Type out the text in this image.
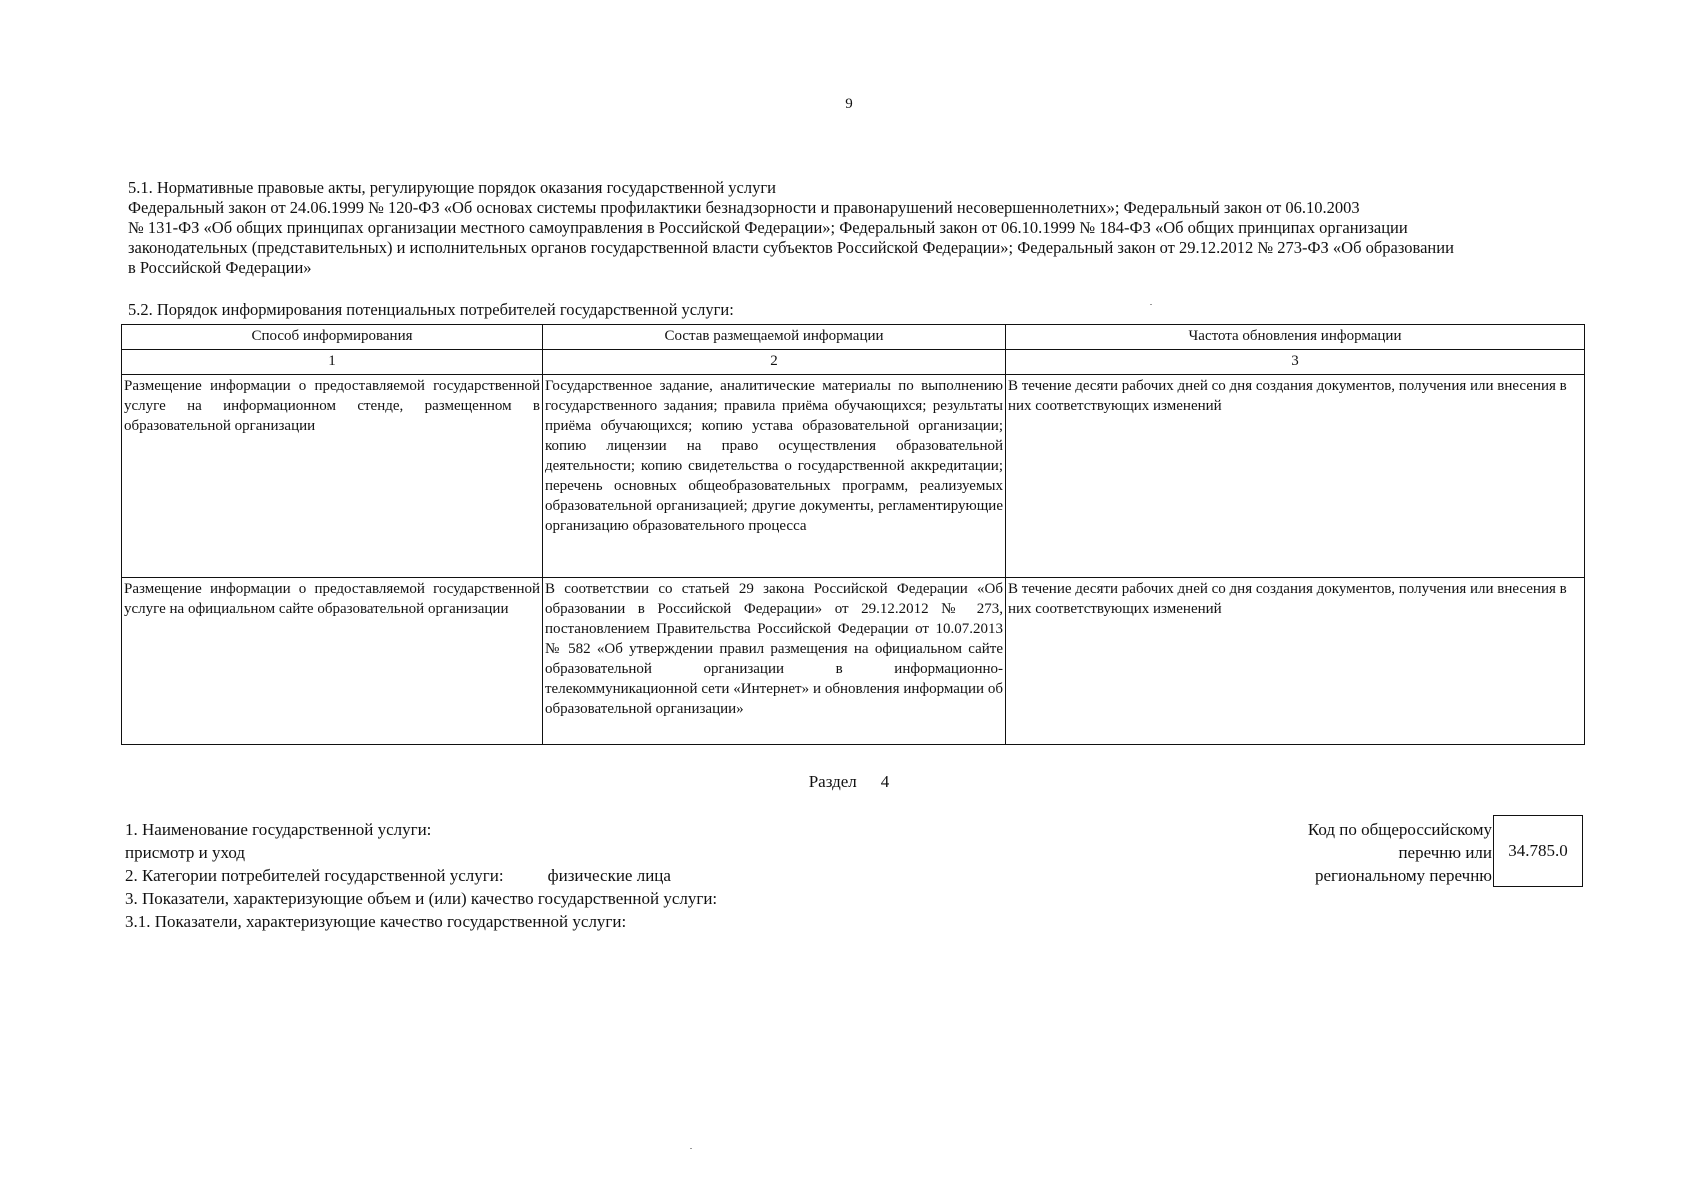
9

5.1. Нормативные правовые акты, регулирующие порядок оказания государственной услуги

Федеральный закон от 24.06.1999 № 120-ФЗ «Об основах системы профилактики безнадзорности и правонарушений несовершеннолетних»; Федеральный закон от 06.10.2003

№ 131-ФЗ «Об общих принципах организации местного самоуправления в Российской Федерации»; Федеральный закон от 06.10.1999 № 184-ФЗ «Об общих принципах организации

законодательных (представительных) и исполнительных органов государственной власти субъектов Российской Федерации»; Федеральный закон от 29.12.2012 № 273-ФЗ «Об образовании

в Российской Федерации»

5.2. Порядок информирования потенциальных потребителей государственной услуги:
Способ информирования	Состав размещаемой информации	Частота обновления информации
1	2	3
Размещение информации о предоставляемой государственной услуге на информационном стенде, размещенном в образовательной организации	Государственное задание, аналитические материалы по выполнению государственного задания; правила приёма обучающихся; результаты приёма обучающихся; копию устава образовательной организации; копию лицензии на право осуществления образовательной деятельности; копию свидетельства о государственной аккредитации; перечень основных общеобразовательных программ, реализуемых образовательной организацией; другие документы, регламентирующие организацию образовательного процесса	В течение десяти рабочих дней со дня создания документов, получения или внесения в них соответствующих изменений
Размещение информации о предоставляемой государственной услуге на официальном сайте образовательной организации	В соответствии со статьей 29 закона Российской Федерации «Об образовании в Российской Федерации» от 29.12.2012 № 273, постановлением Правительства Российской Федерации от 10.07.2013 № 582 «Об утверждении правил размещения на официальном сайте образовательной организации в информационно-телекоммуникационной сети «Интернет» и обновления информации об образовательной организации»	В течение десяти рабочих дней со дня создания документов, получения или внесения в них соответствующих изменений
Раздел 4

1. Наименование государственной услуги:

присмотр и уход

2. Категории потребителей государственной услуги:	физические лица

3. Показатели, характеризующие объем и (или) качество государственной услуги:

3.1. Показатели, характеризующие качество государственной услуги:

Код по общероссийскому
перечню или
региональному перечню
34.785.0
